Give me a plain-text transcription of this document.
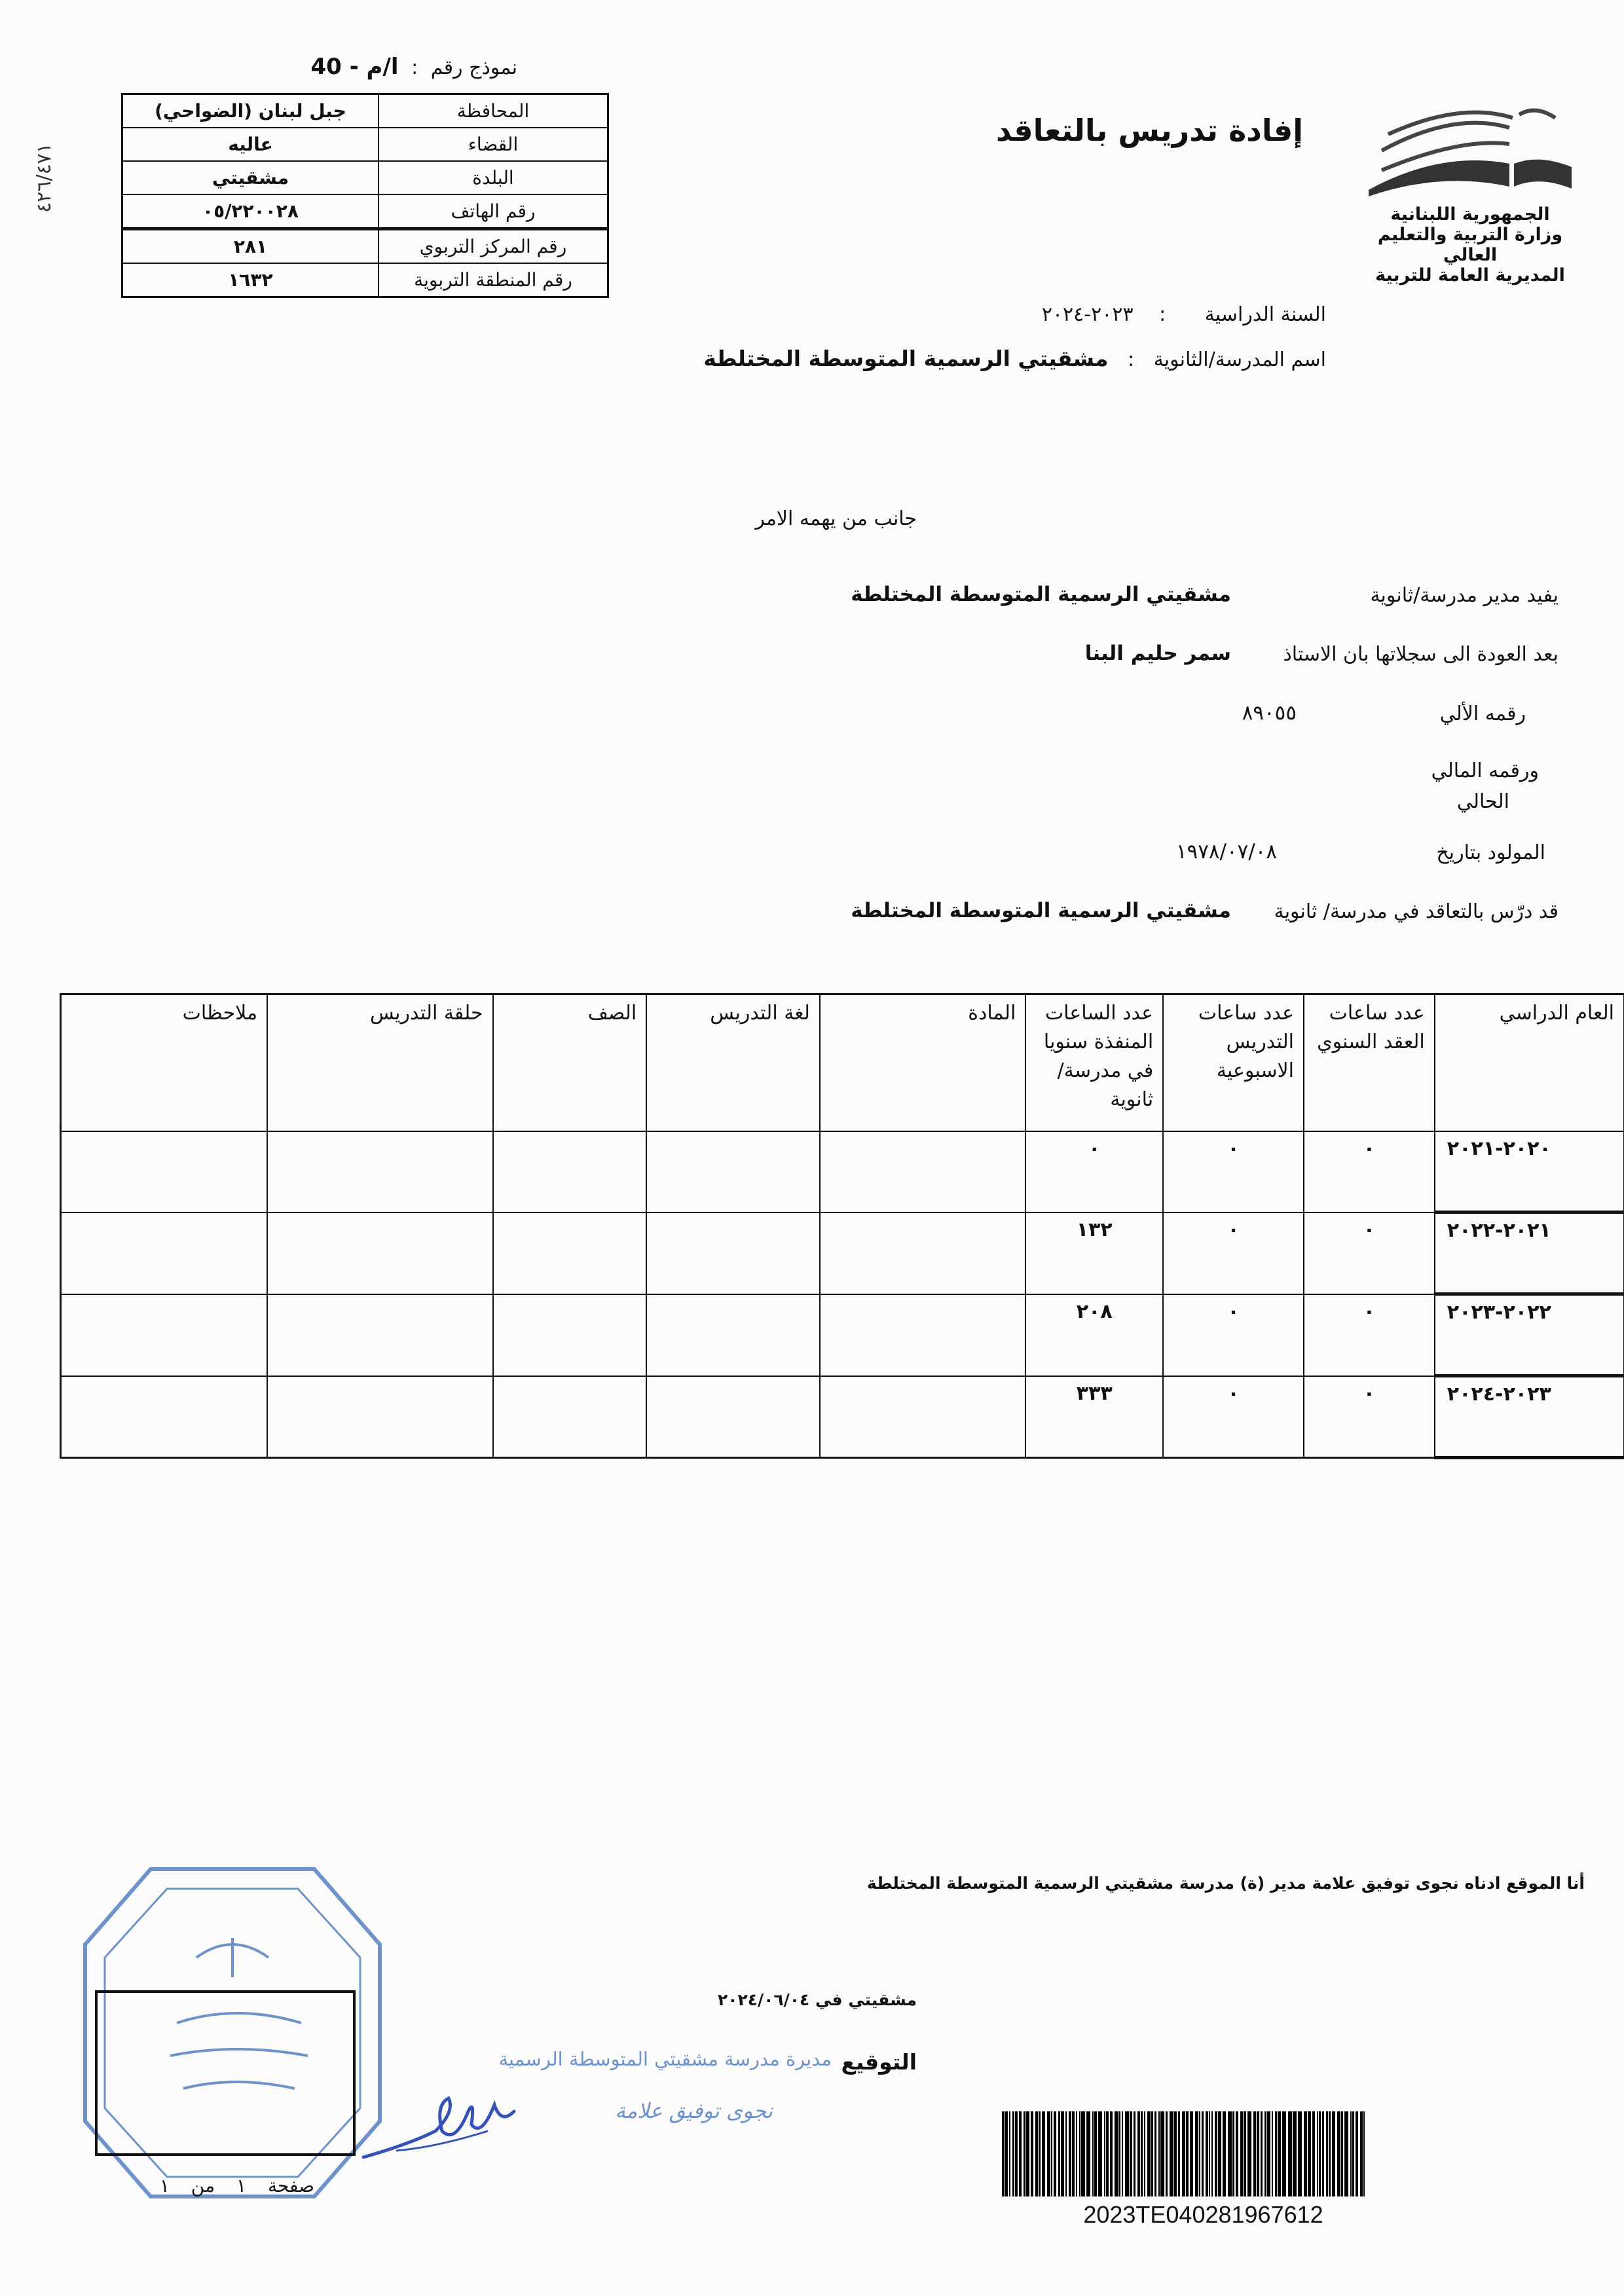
نموذج رقم : ا/م - 40
٤٢٦/٤٧١
المحافظة	جبل لبنان (الضواحي)
القضاء	عاليه
البلدة	مشقيتي
رقم الهاتف	٠٥/٢٢٠٠٢٨
رقم المركز التربوي	٢٨١
رقم المنطقة التربوية	١٦٣٢
إفادة تدريس بالتعاقد
الجمهورية اللبنانية
وزارة التربية والتعليم العالي
المديرية العامة للتربية
السنة الدراسية : ٢٠٢٣-٢٠٢٤
اسم المدرسة/الثانوية : مشقيتي الرسمية المتوسطة المختلطة
جانب من يهمه الامر
يفيد مدير مدرسة/ثانوية
مشقيتي الرسمية المتوسطة المختلطة
بعد العودة الى سجلاتها بان الاستاذ
سمر حليم البنا
رقمه الألي
٨٩٠٥٥
ورقمه المالي
الحالي
المولود بتاريخ
١٩٧٨/٠٧/٠٨
قد درّس بالتعاقد في مدرسة/ ثانوية
مشقيتي الرسمية المتوسطة المختلطة
العام الدراسي	عدد ساعات العقد السنوي	عدد ساعات التدريس الاسبوعية	عدد الساعات المنفذة سنويا في مدرسة/ثانوية	المادة	لغة التدريس	الصف	حلقة التدريس	ملاحظات
٢٠٢٠-٢٠٢١	٠	٠	٠					
٢٠٢١-٢٠٢٢	٠	٠	١٣٢					
٢٠٢٢-٢٠٢٣	٠	٠	٢٠٨					
٢٠٢٣-٢٠٢٤	٠	٠	٣٣٣					
أنا الموقع ادناه نجوى توفيق علامة مدير (ة) مدرسة مشقيتي الرسمية المتوسطة المختلطة
مشقيتي في ٢٠٢٤/٠٦/٠٤
التوقيع
مديرة مدرسة مشقيتي المتوسطة الرسمية
نجوى توفيق علامة
صفحة ١ من ١
2023TE040281967612
